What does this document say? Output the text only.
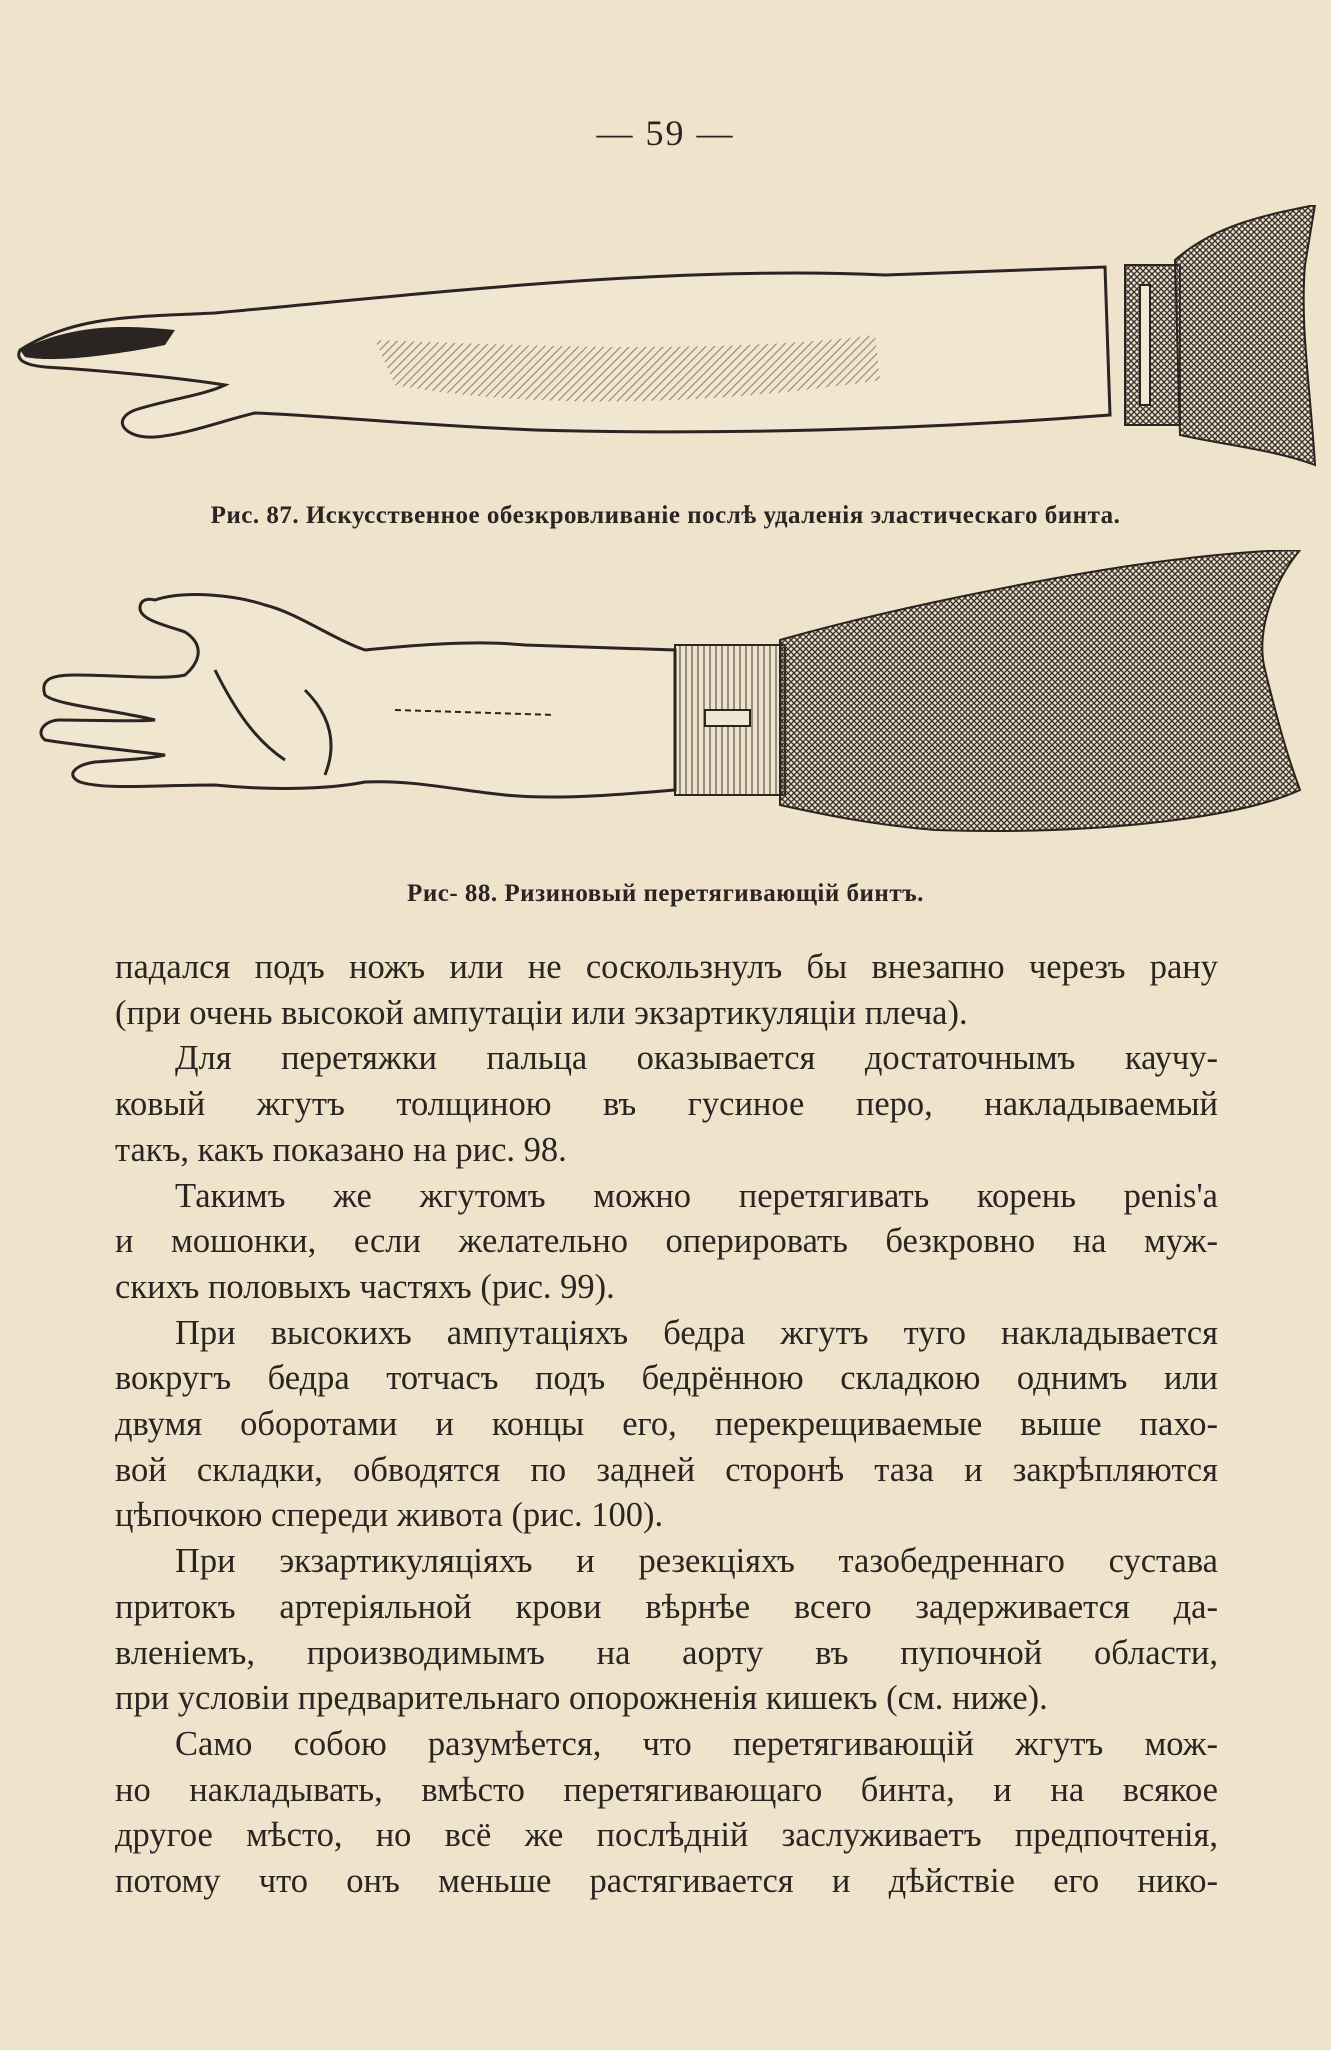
— 59 —
Рис. 87. Искусственное обезкровливаніе послѣ удаленія эластическаго бинта.
Рис- 88. Ризиновый перетягивающій бинтъ.
падался подъ ножъ или не соскользнулъ бы внезапно черезъ рану
(при очень высокой ампутаціи или экзартикуляціи плеча).
Для перетяжки пальца оказывается достаточнымъ каучу-
ковый жгутъ толщиною въ гусиное перо, накладываемый
такъ, какъ показано на рис. 98.
Такимъ же жгутомъ можно перетягивать корень penis'а
и мошонки, если желательно оперировать безкровно на муж-
скихъ половыхъ частяхъ (рис. 99).
При высокихъ ампутаціяхъ бедра жгутъ туго накладывается
вокругъ бедра тотчасъ подъ бедрённою складкою однимъ или
двумя оборотами и концы его, перекрещиваемые выше пахо-
вой складки, обводятся по задней сторонѣ таза и закрѣпляются
цѣпочкою спереди живота (рис. 100).
При экзартикуляціяхъ и резекціяхъ тазобедреннаго сустава
притокъ артеріяльной крови вѣрнѣе всего задерживается да-
вленіемъ, производимымъ на аорту въ пупочной области,
при условіи предварительнаго опорожненія кишекъ (см. ниже).
Само собою разумѣется, что перетягивающій жгутъ мож-
но накладывать, вмѣсто перетягивающаго бинта, и на всякое
другое мѣсто, но всё же послѣдній заслуживаетъ предпочтенія,
потому что онъ меньше растягивается и дѣйствіе его нико-
